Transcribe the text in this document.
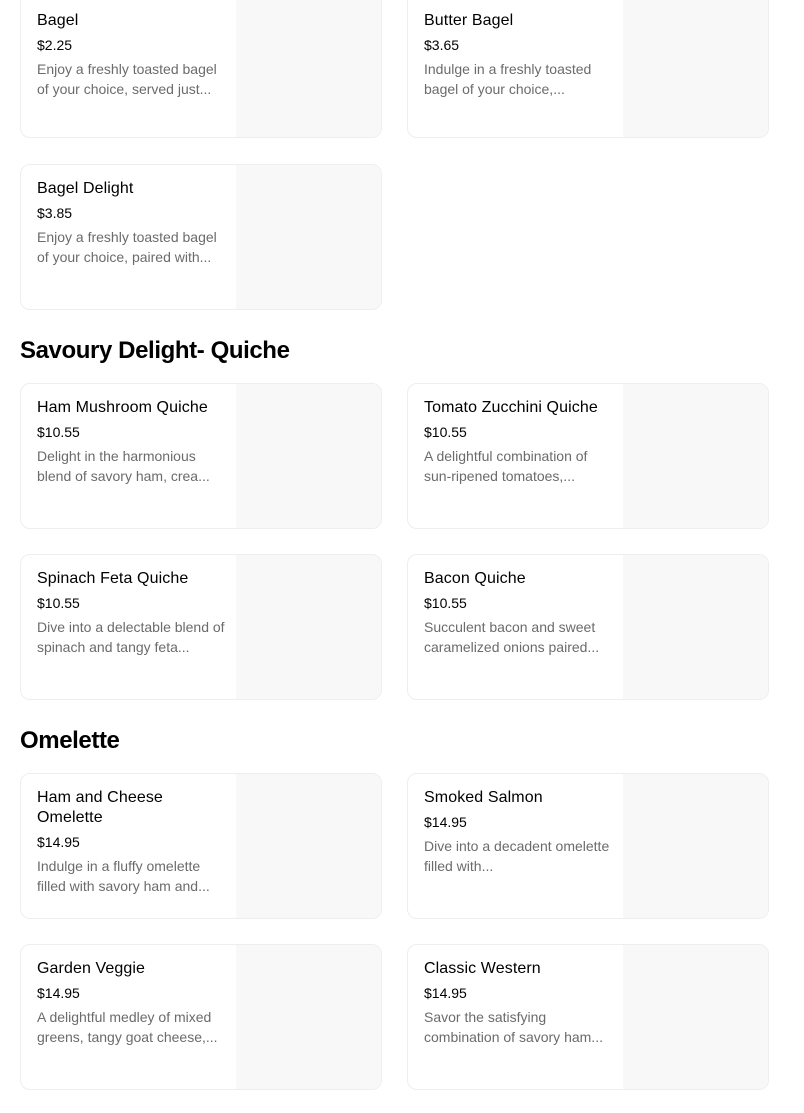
Bagel
$2.25
Enjoy a freshly toasted bagel of your choice, served just...
Butter Bagel
$3.65
Indulge in a freshly toasted bagel of your choice,...
Bagel Delight
$3.85
Enjoy a freshly toasted bagel of your choice, paired with...
Savoury Delight- Quiche
Ham Mushroom Quiche
$10.55
Delight in the harmonious blend of savory ham, crea...
Tomato Zucchini Quiche
$10.55
A delightful combination of sun-ripened tomatoes,...
Spinach Feta Quiche
$10.55
Dive into a delectable blend of spinach and tangy feta...
Bacon Quiche
$10.55
Succulent bacon and sweet caramelized onions paired...
Omelette
Ham and Cheese Omelette
$14.95
Indulge in a fluffy omelette filled with savory ham and...
Smoked Salmon
$14.95
Dive into a decadent omelette filled with...
Garden Veggie
$14.95
A delightful medley of mixed greens, tangy goat cheese,...
Classic Western
$14.95
Savor the satisfying combination of savory ham...
